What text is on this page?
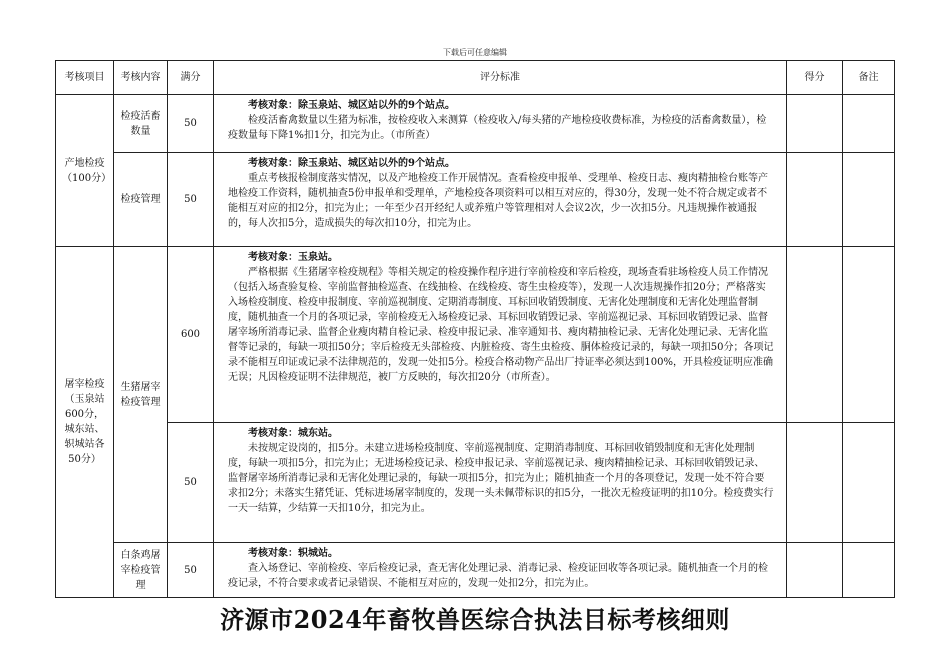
下载后可任意编辑
考核项目	考核内容	满分	评分标准	得分	备注
产地检疫（100分）	检疫活畜数量	50	考核对象：除玉泉站、城区站以外的9个站点。

检疫活畜禽数量以生猪为标准，按检疫收入来测算（检疫收入/每头猪的产地检疫收费标准，为检疫的活畜禽数量），检疫数量每下降1%扣1分，扣完为止。（市所查）		

	检疫管理	50	考核对象：除玉泉站、城区站以外的9个站点。

重点考核报检制度落实情况，以及产地检疫工作开展情况。查看检疫申报单、受理单、检疫日志、瘦肉精抽检台账等产地检疫工作资料，随机抽查5份申报单和受理单，产地检疫各项资料可以相互对应的，得30分，发现一处不符合规定或者不能相互对应的扣2分，扣完为止；一年至少召开经纪人或养殖户等管理相对人会议2次，少一次扣5分。凡违规操作被通报的，每人次扣5分，造成损失的每次扣10分，扣完为止。		

屠宰检疫（玉泉站600分，城东站、轵城站各50分）	生猪屠宰检疫管理	600	考核对象：玉泉站。

严格根据《生猪屠宰检疫规程》等相关规定的检疫操作程序进行宰前检疫和宰后检疫，现场查看驻场检疫人员工作情况（包括入场查验复检、宰前监督抽检巡查、在线抽检、在线检疫、寄生虫检疫等），发现一人次违规操作扣20分；严格落实入场检疫制度、检疫申报制度、宰前巡视制度、定期消毒制度、耳标回收销毁制度、无害化处理制度和无害化处理监督制度，随机抽查一个月的各项记录，宰前检疫无入场检疫记录、耳标回收销毁记录、宰前巡视记录、耳标回收销毁记录、监督屠宰场所消毒记录、监督企业瘦肉精自检记录、检疫申报记录、准宰通知书、瘦肉精抽检记录、无害化处理记录、无害化监督等记录的，每缺一项扣50分；宰后检疫无头部检疫、内脏检疫、寄生虫检疫、胴体检疫记录的，每缺一项扣50分；各项记录不能相互印证或记录不法律规范的，发现一处扣5分。检疫合格动物产品出厂持证率必须达到100%，开具检疫证明应准确无误；凡因检疫证明不法律规范，被厂方反映的，每次扣20分（市所查）。		

		50	考核对象：城东站。

未按规定设岗的，扣5分。未建立进场检疫制度、宰前巡视制度、定期消毒制度、耳标回收销毁制度和无害化处理制度，每缺一项扣5分，扣完为止；无进场检疫记录、检疫申报记录、宰前巡视记录、瘦肉精抽检记录、耳标回收销毁记录、监督屠宰场所消毒记录和无害化处理记录的，每缺一项扣5分，扣完为止；随机抽查一个月的各项登记，发现一处不符合要求扣2分；未落实生猪凭证、凭标进场屠宰制度的，发现一头未佩带标识的扣5分，一批次无检疫证明的扣10分。检疫费实行一天一结算，少结算一天扣10分，扣完为止。		

	白条鸡屠宰检疫管理	50	考核对象：轵城站。

查入场登记、宰前检疫、宰后检疫记录，查无害化处理记录、消毒记录、检疫证回收等各项记录。随机抽查一个月的检疫记录，不符合要求或者记录错误、不能相互对应的，发现一处扣2分，扣完为止。		

济源市2024年畜牧兽医综合执法目标考核细则
